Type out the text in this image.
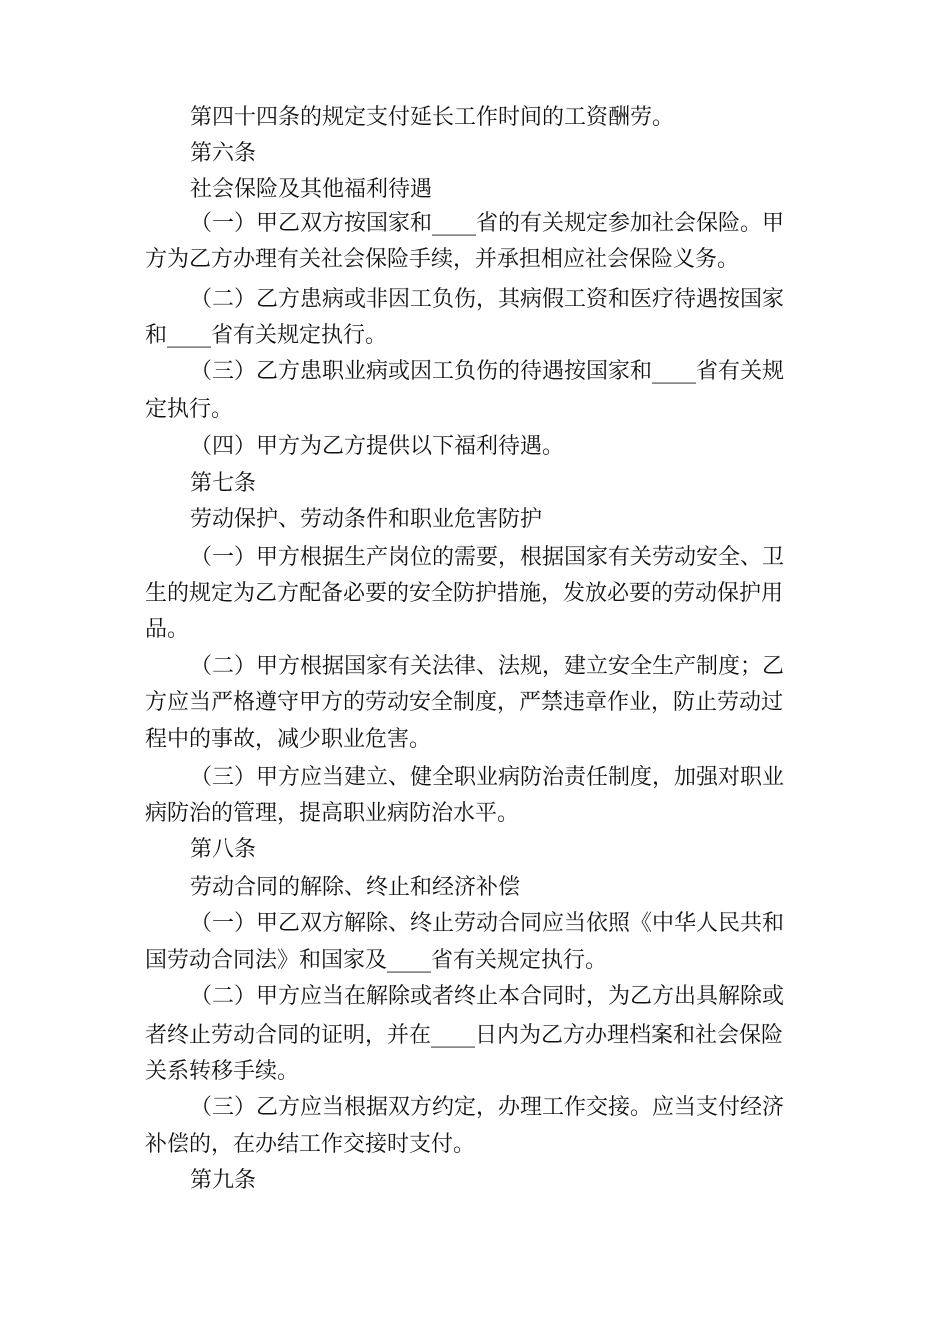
第四十四条的规定支付延长工作时间的工资酬劳。
第六条
社会保险及其他福利待遇
（一）甲乙双方按国家和____省的有关规定参加社会保险。甲
方为乙方办理有关社会保险手续，并承担相应社会保险义务。
（二）乙方患病或非因工负伤，其病假工资和医疗待遇按国家
和____省有关规定执行。
（三）乙方患职业病或因工负伤的待遇按国家和____省有关规
定执行。
（四）甲方为乙方提供以下福利待遇。
第七条
劳动保护、劳动条件和职业危害防护
（一）甲方根据生产岗位的需要，根据国家有关劳动安全、卫
生的规定为乙方配备必要的安全防护措施，发放必要的劳动保护用
品。
（二）甲方根据国家有关法律、法规，建立安全生产制度；乙
方应当严格遵守甲方的劳动安全制度，严禁违章作业，防止劳动过
程中的事故，减少职业危害。
（三）甲方应当建立、健全职业病防治责任制度，加强对职业
病防治的管理，提高职业病防治水平。
第八条
劳动合同的解除、终止和经济补偿
（一）甲乙双方解除、终止劳动合同应当依照《中华人民共和
国劳动合同法》和国家及____省有关规定执行。
（二）甲方应当在解除或者终止本合同时，为乙方出具解除或
者终止劳动合同的证明，并在____日内为乙方办理档案和社会保险
关系转移手续。
（三）乙方应当根据双方约定，办理工作交接。应当支付经济
补偿的，在办结工作交接时支付。
第九条
